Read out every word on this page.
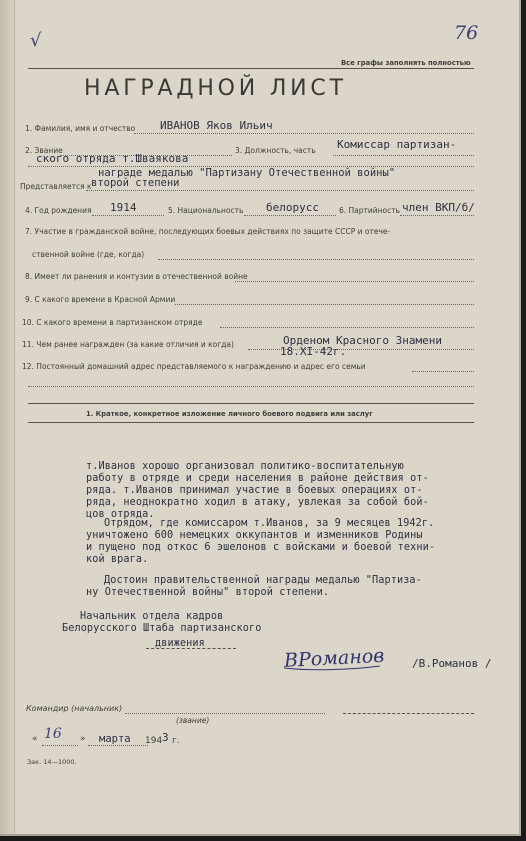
√	76
Все графы заполнять полностью
НАГРАДНОЙ ЛИСТ
1. Фамилия, имя и отчество ИВАНОВ Яков Ильич
2. Звание	3. Должность, часть Комиссар партизан-
ского отряда т.Шваякова
награде медалью "Партизану Отечественной войны"
Представляется к второй степени
4. Год рождения 1914	5. Национальность белорусс	6. Партийность член ВКП/б/
7. Участие в гражданской войне, последующих боевых действиях по защите СССР и отече-
ственной войне (где, когда)
8. Имеет ли ранения и контузии в отечественной войне
9. С какого времени в Красной Армии
10. С какого времени в партизанском отряде
11. Чем ранее награжден (за какие отличия и когда)	Орденом Красного Знамени
18.XI-42г.
12. Постоянный домашний адрес представляемого к награждению и адрес его семьи
1. Краткое, конкретное изложение личного боевого подвига или заслуг
т.Иванов хорошо организовал политико-воспитательную
работу в отряде и среди населения в районе действия от-
ряда. т.Иванов принимал участие в боевых операциях от-
ряда, неоднократно ходил в атаку, увлекая за собой бой-
цов отряда.
Отрядом, где комиссаром т.Иванов, за 9 месяцев 1942г.
уничтожено 600 немецких оккупантов и изменников Родины
и пущено под откос 6 эшелонов с войсками и боевой техни-
кой врага.
Достоин правительственной награды медалью "Партиза-
ну Отечественной войны" второй степени.
Начальник отдела кадров
Белорусского Штаба партизанского
движения
ВРоманов /В.Романов /
Командир (начальник)
(звание)
« 16 » марта 194 3 г.
Зак. 14—1000.
